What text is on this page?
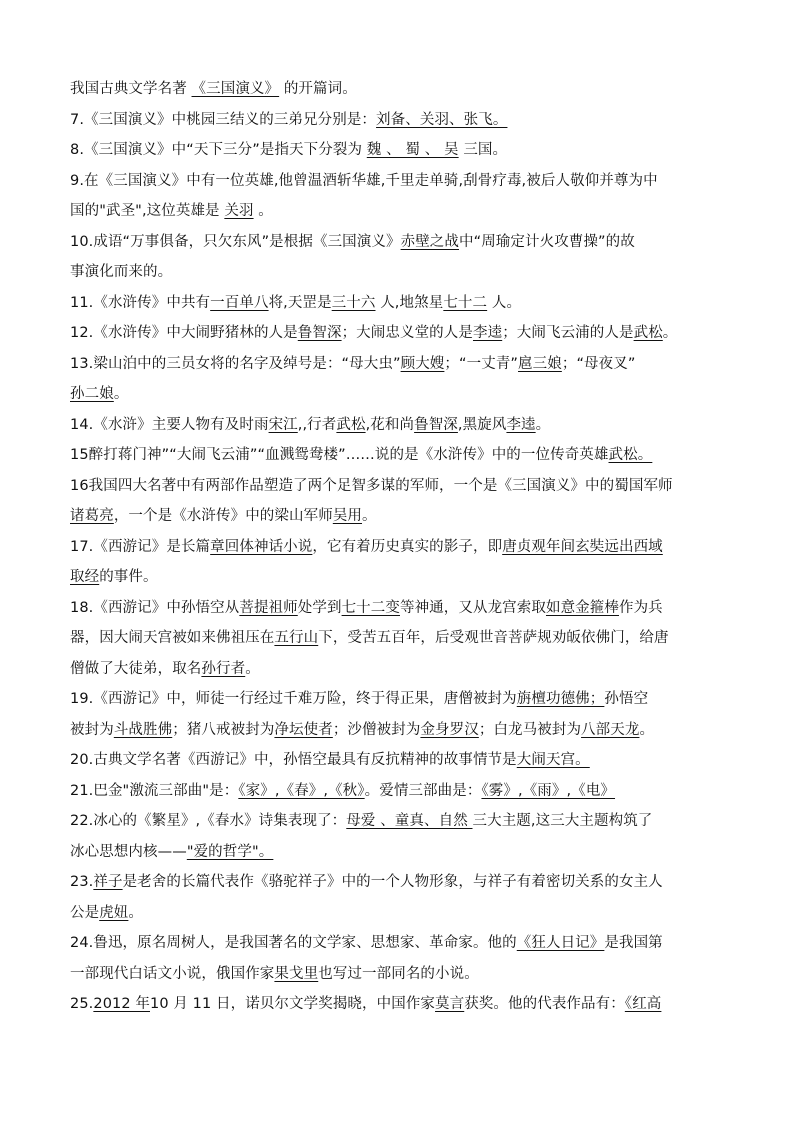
我国古典文学名著 《三国演义》 的开篇词。
7.《三国演义》中桃园三结义的三弟兄分别是：刘备、关羽、张飞。
8.《三国演义》中“天下三分”是指天下分裂为 魏 、 蜀 、 吴 三国。
9.在《三国演义》中有一位英雄,他曾温酒斩华雄,千里走单骑,刮骨疗毒,被后人敬仰并尊为中
国的"武圣",这位英雄是 关羽 。
10.成语“万事俱备，只欠东风”是根据《三国演义》赤壁之战中“周瑜定计火攻曹操”的故
事演化而来的。
11.《水浒传》中共有一百单八将,天罡是三十六 人,地煞星七十二 人。
12.《水浒传》中大闹野猪林的人是鲁智深；大闹忠义堂的人是李逵；大闹飞云浦的人是武松。
13.梁山泊中的三员女将的名字及绰号是：“母大虫”顾大嫂；“一丈青”扈三娘；“母夜叉”
孙二娘。
14.《水浒》主要人物有及时雨宋江,,行者武松,花和尚鲁智深,黑旋风李逵。
15醉打蒋门神”“大闹飞云浦”“血溅鸳鸯楼”……说的是《水浒传》中的一位传奇英雄武松。
16我国四大名著中有两部作品塑造了两个足智多谋的军师，一个是《三国演义》中的蜀国军师
诸葛亮，一个是《水浒传》中的梁山军师吴用。
17.《西游记》是长篇章回体神话小说，它有着历史真实的影子，即唐贞观年间玄奘远出西域
取经的事件。
18.《西游记》中孙悟空从菩提祖师处学到七十二变等神通，又从龙宫索取如意金箍棒作为兵
器，因大闹天宫被如来佛祖压在五行山下，受苦五百年，后受观世音菩萨规劝皈依佛门，给唐
僧做了大徒弟，取名孙行者。
19.《西游记》中，师徒一行经过千难万险，终于得正果，唐僧被封为旃檀功德佛；孙悟空
被封为斗战胜佛；猪八戒被封为净坛使者；沙僧被封为金身罗汉；白龙马被封为八部天龙。
20.古典文学名著《西游记》中，孙悟空最具有反抗精神的故事情节是大闹天宫。
21.巴金"激流三部曲"是：《家》,《春》,《秋》。爱情三部曲是：《雾》,《雨》,《电》
22.冰心的《繁星》,《春水》诗集表现了：母爱 、童真、自然 三大主题,这三大主题构筑了
冰心思想内核——"爱的哲学"。
23.祥子是老舍的长篇代表作《骆驼祥子》中的一个人物形象，与祥子有着密切关系的女主人
公是虎妞。
24.鲁迅，原名周树人，是我国著名的文学家、思想家、革命家。他的《狂人日记》是我国第
一部现代白话文小说，俄国作家果戈里也写过一部同名的小说。
25.2012 年10 月 11 日，诺贝尔文学奖揭晓，中国作家莫言获奖。他的代表作品有：《红高
